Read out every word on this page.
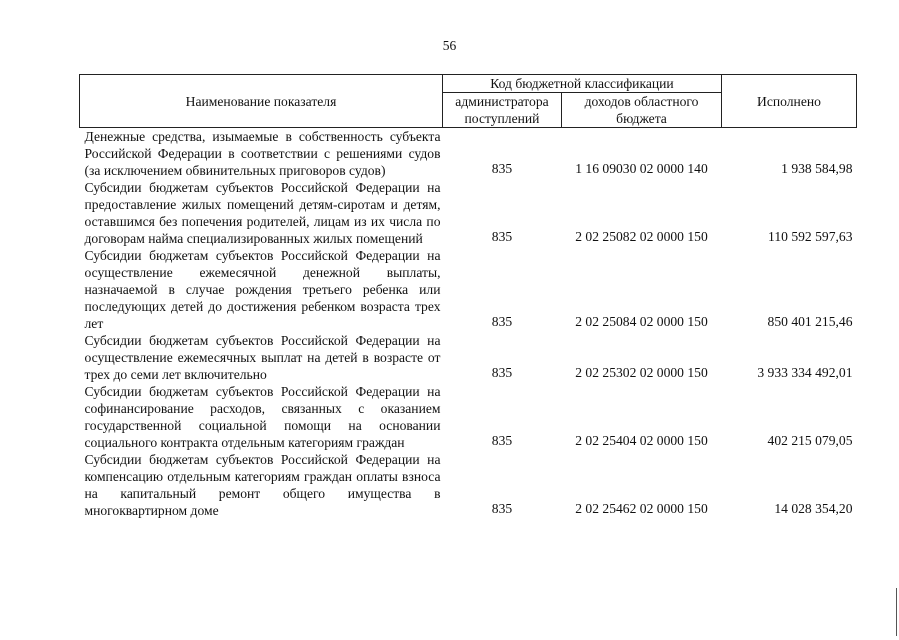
56
Наименование показателя	Код бюджетной классификации		Исполнено
	администратора поступлений	доходов областного бюджета	
Денежные средства, изымаемые в собственность субъекта Российской Федерации в соответствии с решениями судов (за исключением обвинительных приговоров судов)	835	1 16 09030 02 0000 140	1 938 584,98
Субсидии бюджетам субъектов Российской Федерации на предоставление жилых помещений детям-сиротам и детям, оставшимся без попечения родителей, лицам из их числа по договорам найма специализированных жилых помещений	835	2 02 25082 02 0000 150	110 592 597,63
Субсидии бюджетам субъектов Российской Федерации на осуществление ежемесячной денежной выплаты, назначаемой в случае рождения третьего ребенка или последующих детей до достижения ребенком возраста трех лет	835	2 02 25084 02 0000 150	850 401 215,46
Субсидии бюджетам субъектов Российской Федерации на осуществление ежемесячных выплат на детей в возрасте от трех до семи лет включительно	835	2 02 25302 02 0000 150	3 933 334 492,01
Субсидии бюджетам субъектов Российской Федерации на софинансирование расходов, связанных с оказанием государственной социальной помощи на основании социального контракта отдельным категориям граждан	835	2 02 25404 02 0000 150	402 215 079,05
Субсидии бюджетам субъектов Российской Федерации на компенсацию отдельным категориям граждан оплаты взноса на капитальный ремонт общего имущества в многоквартирном доме	835	2 02 25462 02 0000 150	14 028 354,20
